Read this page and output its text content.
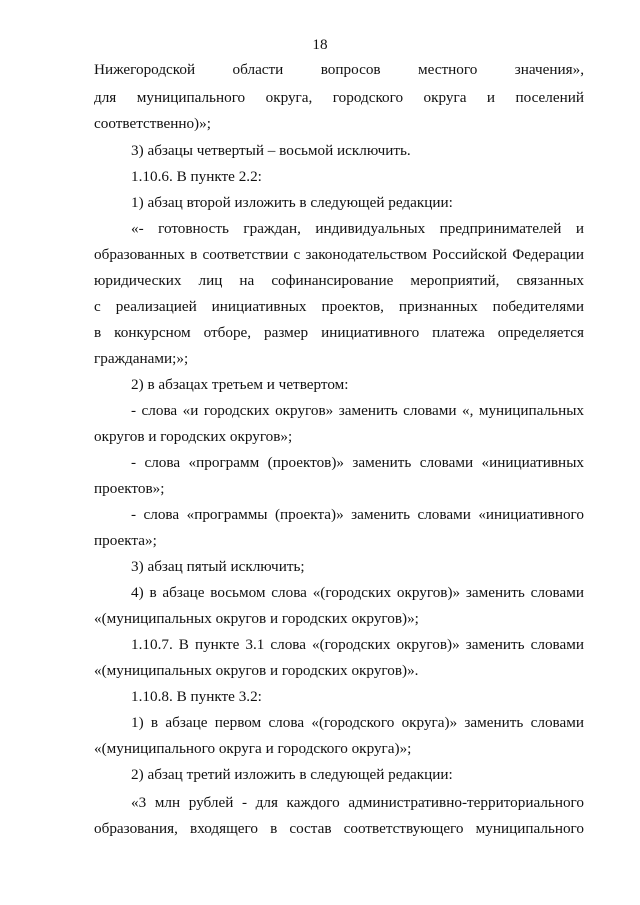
18
Нижегородской области вопросов местного значения»,
для муниципального округа, городского округа и поселений
соответственно)»;
3) абзацы четвертый – восьмой исключить.
1.10.6. В пункте 2.2:
1) абзац второй изложить в следующей редакции:
«- готовность граждан, индивидуальных предпринимателей и
образованных в соответствии с законодательством Российской Федерации
юридических лиц на софинансирование мероприятий, связанных
с реализацией инициативных проектов, признанных победителями
в конкурсном отборе, размер инициативного платежа определяется
гражданами;»;
2) в абзацах третьем и четвертом:
- слова «и городских округов» заменить словами «, муниципальных
округов и городских округов»;
- слова «программ (проектов)» заменить словами «инициативных
проектов»;
- слова «программы (проекта)» заменить словами «инициативного
проекта»;
3) абзац пятый исключить;
4) в абзаце восьмом слова «(городских округов)» заменить словами
«(муниципальных округов и городских округов)»;
1.10.7. В пункте 3.1 слова «(городских округов)» заменить словами
«(муниципальных округов и городских округов)».
1.10.8. В пункте 3.2:
1) в абзаце первом слова «(городского округа)» заменить словами
«(муниципального округа и городского округа)»;
2) абзац третий изложить в следующей редакции:
«3 млн рублей - для каждого административно-территориального
образования, входящего в состав соответствующего муниципального
